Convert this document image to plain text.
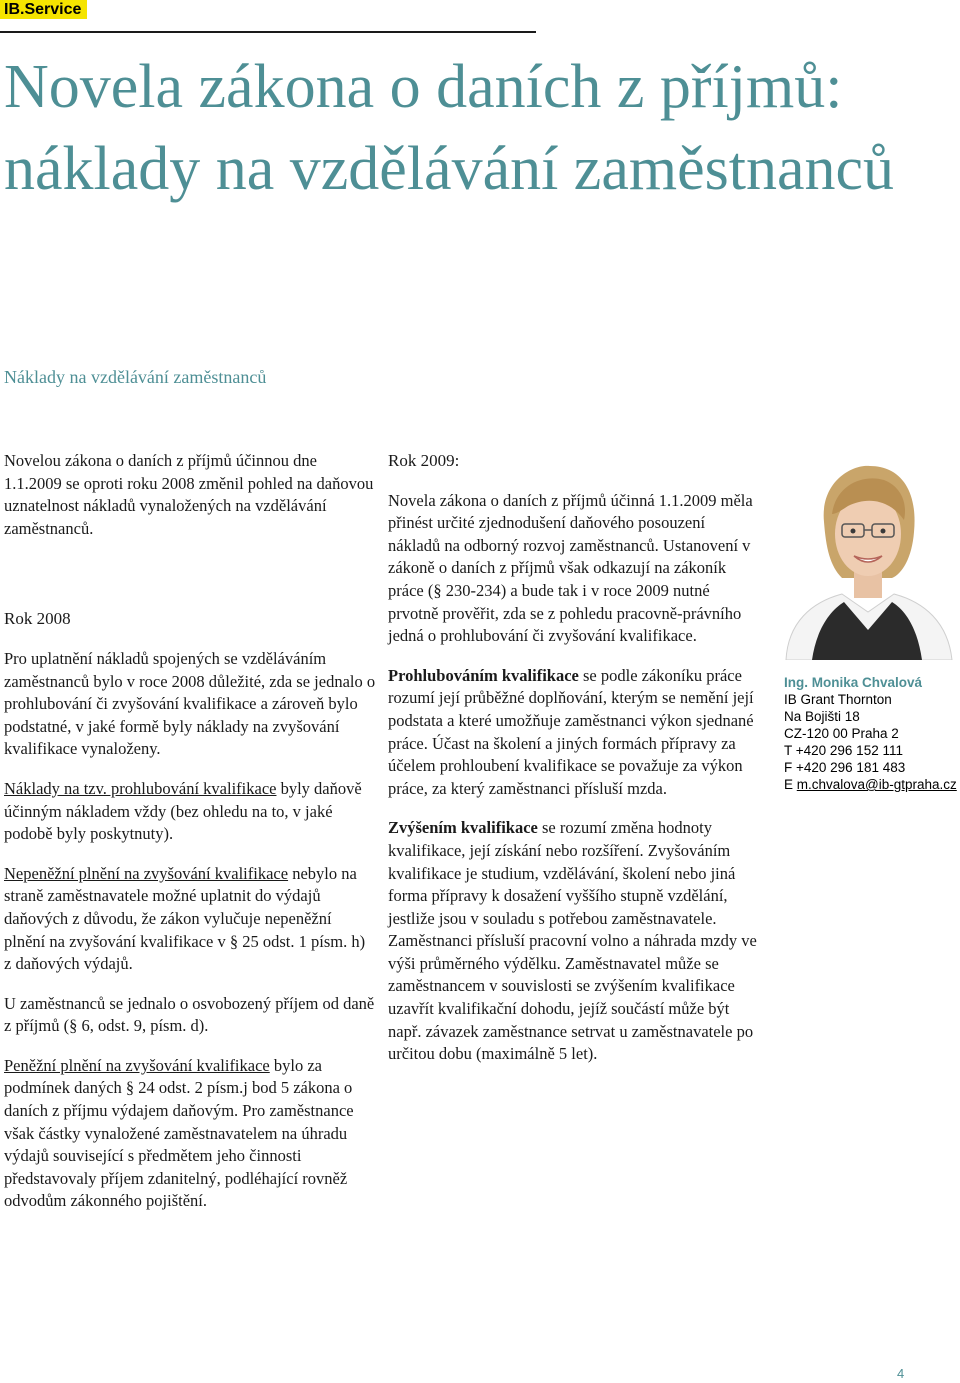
IB.Service
Novela zákona o daních z příjmů: náklady na vzdělávání zaměstnanců
Náklady na vzdělávání zaměstnanců

Novelou zákona o daních z příjmů účinnou dne 1.1.2009 se oproti roku 2008 změnil pohled na daňovou uznatelnost nákladů vynaložených na vzdělávání zaměstnanců.

Rok 2008

Pro uplatnění nákladů spojených se vzděláváním zaměstnanců bylo v roce 2008 důležité, zda se jednalo o prohlubování či zvyšování kvalifikace a zároveň bylo podstatné, v jaké formě byly náklady na zvyšování kvalifikace vynaloženy.

Náklady na tzv. prohlubování kvalifikace byly daňově účinným nákladem vždy (bez ohledu na to, v jaké podobě byly poskytnuty).

Nepeněžní plnění na zvyšování kvalifikace nebylo na straně zaměstnavatele možné uplatnit do výdajů daňových z důvodu, že zákon vylučuje nepeněžní plnění na zvyšování kvalifikace v § 25 odst. 1 písm. h) z daňových výdajů.

U zaměstnanců se jednalo o osvobozený příjem od daně z příjmů (§ 6, odst. 9, písm. d).

Peněžní plnění na zvyšování kvalifikace bylo za podmínek daných § 24 odst. 2 písm.j bod 5 zákona o daních z příjmu výdajem daňovým. Pro zaměstnance však částky vynaložené zaměstnavatelem na úhradu výdajů související s předmětem jeho činnosti představovaly příjem zdanitelný, podléhající rovněž odvodům zákonného pojištění.

Rok 2009:

Novela zákona o daních z příjmů účinná 1.1.2009 měla přinést určité zjednodušení daňového posouzení nákladů na odborný rozvoj zaměstnanců. Ustanovení v zákoně o daních z příjmů však odkazují na zákoník práce (§ 230-234) a bude tak i v roce 2009 nutné prvotně prověřit, zda se z pohledu pracovně-právního jedná o prohlubování či zvyšování kvalifikace.

Prohlubováním kvalifikace se podle zákoníku práce rozumí její průběžné doplňování, kterým se nemění její podstata a které umožňuje zaměstnanci výkon sjednané práce. Účast na školení a jiných formách přípravy za účelem prohloubení kvalifikace se považuje za výkon práce, za který zaměstnanci přísluší mzda.

Zvýšením kvalifikace se rozumí změna hodnoty kvalifikace, její získání nebo rozšíření. Zvyšováním kvalifikace je studium, vzdělávání, školení nebo jiná forma přípravy k dosažení vyššího stupně vzdělání, jestliže jsou v souladu s potřebou zaměstnavatele. Zaměstnanci přísluší pracovní volno a náhrada mzdy ve výši průměrného výdělku. Zaměstnavatel může se zaměstnancem v souvislosti se zvýšením kvalifikace uzavřít kvalifikační dohodu, jejíž součástí může být např. závazek zaměstnance setrvat u zaměstnavatele po určitou dobu (maximálně 5 let).

Ing. Monika Chvalová
IB Grant Thornton
Na Bojišti 18
CZ-120 00 Praha 2
T +420 296 152 111
F +420 296 181 483
E m.chvalova@ib-gtpraha.cz
4
